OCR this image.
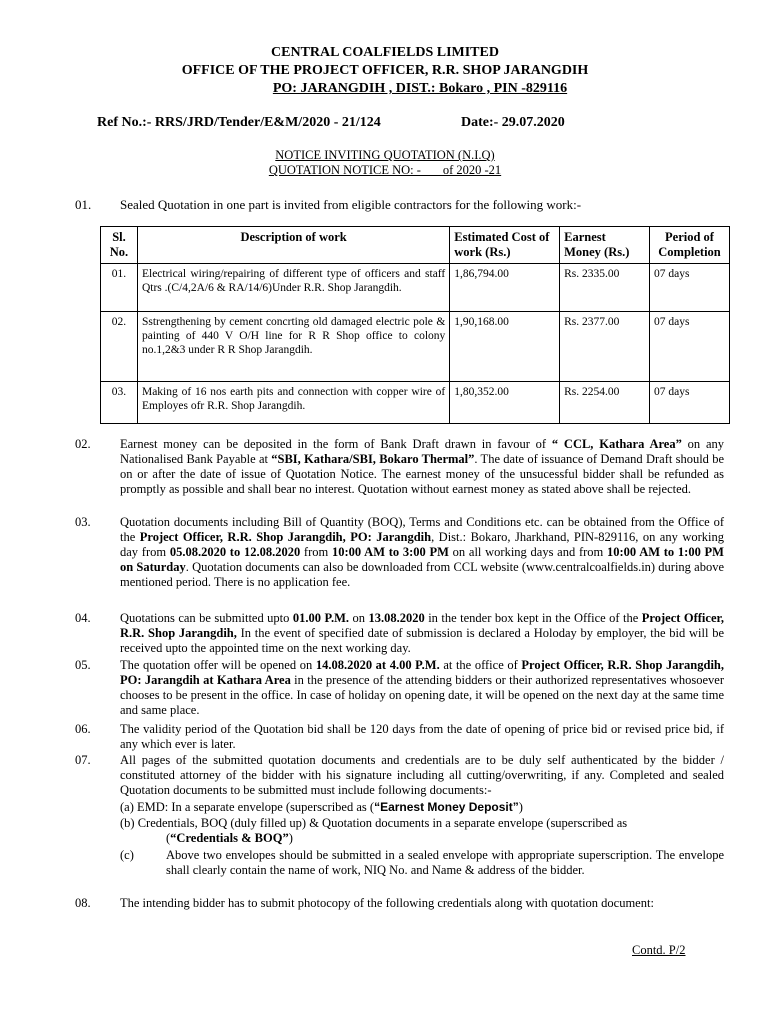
CENTRAL COALFIELDS LIMITED
OFFICE OF THE PROJECT OFFICER, R.R. SHOP JARANGDIH
PO: JARANGDIH , DIST.: Bokaro , PIN -829116
Ref No.:- RRS/JRD/Tender/E&M/2020 - 21/124	Date:- 29.07.2020
NOTICE INVITING QUOTATION (N.I.Q)
QUOTATION NOTICE NO: -       of 2020 -21
01. Sealed Quotation in one part is invited from eligible contractors for the following work:-
Sl. No.	Description of work	Estimated Cost of work (Rs.)	Earnest Money (Rs.)	Period of Completion
01.	Electrical wiring/repairing of different type of officers and staff Qtrs .(C/4,2A/6 & RA/14/6)Under R.R. Shop Jarangdih.	1,86,794.00	Rs. 2335.00	07 days
02.	Sstrengthening by cement concrting old damaged electric pole & painting of 440 V O/H line for R R Shop office to colony no.1,2&3 under R R Shop Jarangdih.	1,90,168.00	Rs. 2377.00	07 days
03.	Making of 16 nos earth pits and connection with copper wire of Employes ofr R.R. Shop Jarangdih.	1,80,352.00	Rs. 2254.00	07 days
02. Earnest money can be deposited in the form of Bank Draft drawn in favour of “ CCL, Kathara Area” on any Nationalised Bank Payable at “SBI, Kathara/SBI, Bokaro Thermal”. The date of issuance of Demand Draft should be on or after the date of issue of Quotation Notice. The earnest money of the unsucessful bidder shall be refunded as promptly as possible and shall bear no interest. Quotation without earnest money as stated above shall be rejected.
03. Quotation documents including Bill of Quantity (BOQ), Terms and Conditions etc. can be obtained from the Office of the Project Officer, R.R. Shop Jarangdih, PO: Jarangdih, Dist.: Bokaro, Jharkhand, PIN-829116, on any working day from 05.08.2020 to 12.08.2020 from 10:00 AM to 3:00 PM on all working days and from 10:00 AM to 1:00 PM on Saturday. Quotation documents can also be downloaded from CCL website (www.centralcoalfields.in) during above mentioned period. There is no application fee.
04. Quotations can be submitted upto 01.00 P.M. on 13.08.2020 in the tender box kept in the Office of the Project Officer, R.R. Shop Jarangdih, In the event of specified date of submission is declared a Holoday by employer, the bid will be received upto the appointed time on the next working day.
05. The quotation offer will be opened on 14.08.2020 at 4.00 P.M. at the office of Project Officer, R.R. Shop Jarangdih, PO: Jarangdih at Kathara Area in the presence of the attending bidders or their authorized representatives whosoever chooses to be present in the office. In case of holiday on opening date, it will be opened on the next day at the same time and same place.
06. The validity period of the Quotation bid shall be 120 days from the date of opening of price bid or revised price bid, if any which ever is later.
07. All pages of the submitted quotation documents and credentials are to be duly self authenticated by the bidder / constituted attorney of the bidder with his signature including all cutting/overwriting, if any. Completed and sealed Quotation documents to be submitted must include following documents:-
(a) EMD: In a separate envelope (superscribed as (“Earnest Money Deposit”)
(b) Credentials, BOQ (duly filled up) & Quotation documents in a separate envelope (superscribed as
(“Credentials & BOQ”)
(c)	Above two envelopes should be submitted in a sealed envelope with appropriate superscription. The envelope shall clearly contain the name of work, NIQ No. and Name & address of the bidder.
08. The intending bidder has to submit photocopy of the following credentials along with quotation document:
Contd. P/2
